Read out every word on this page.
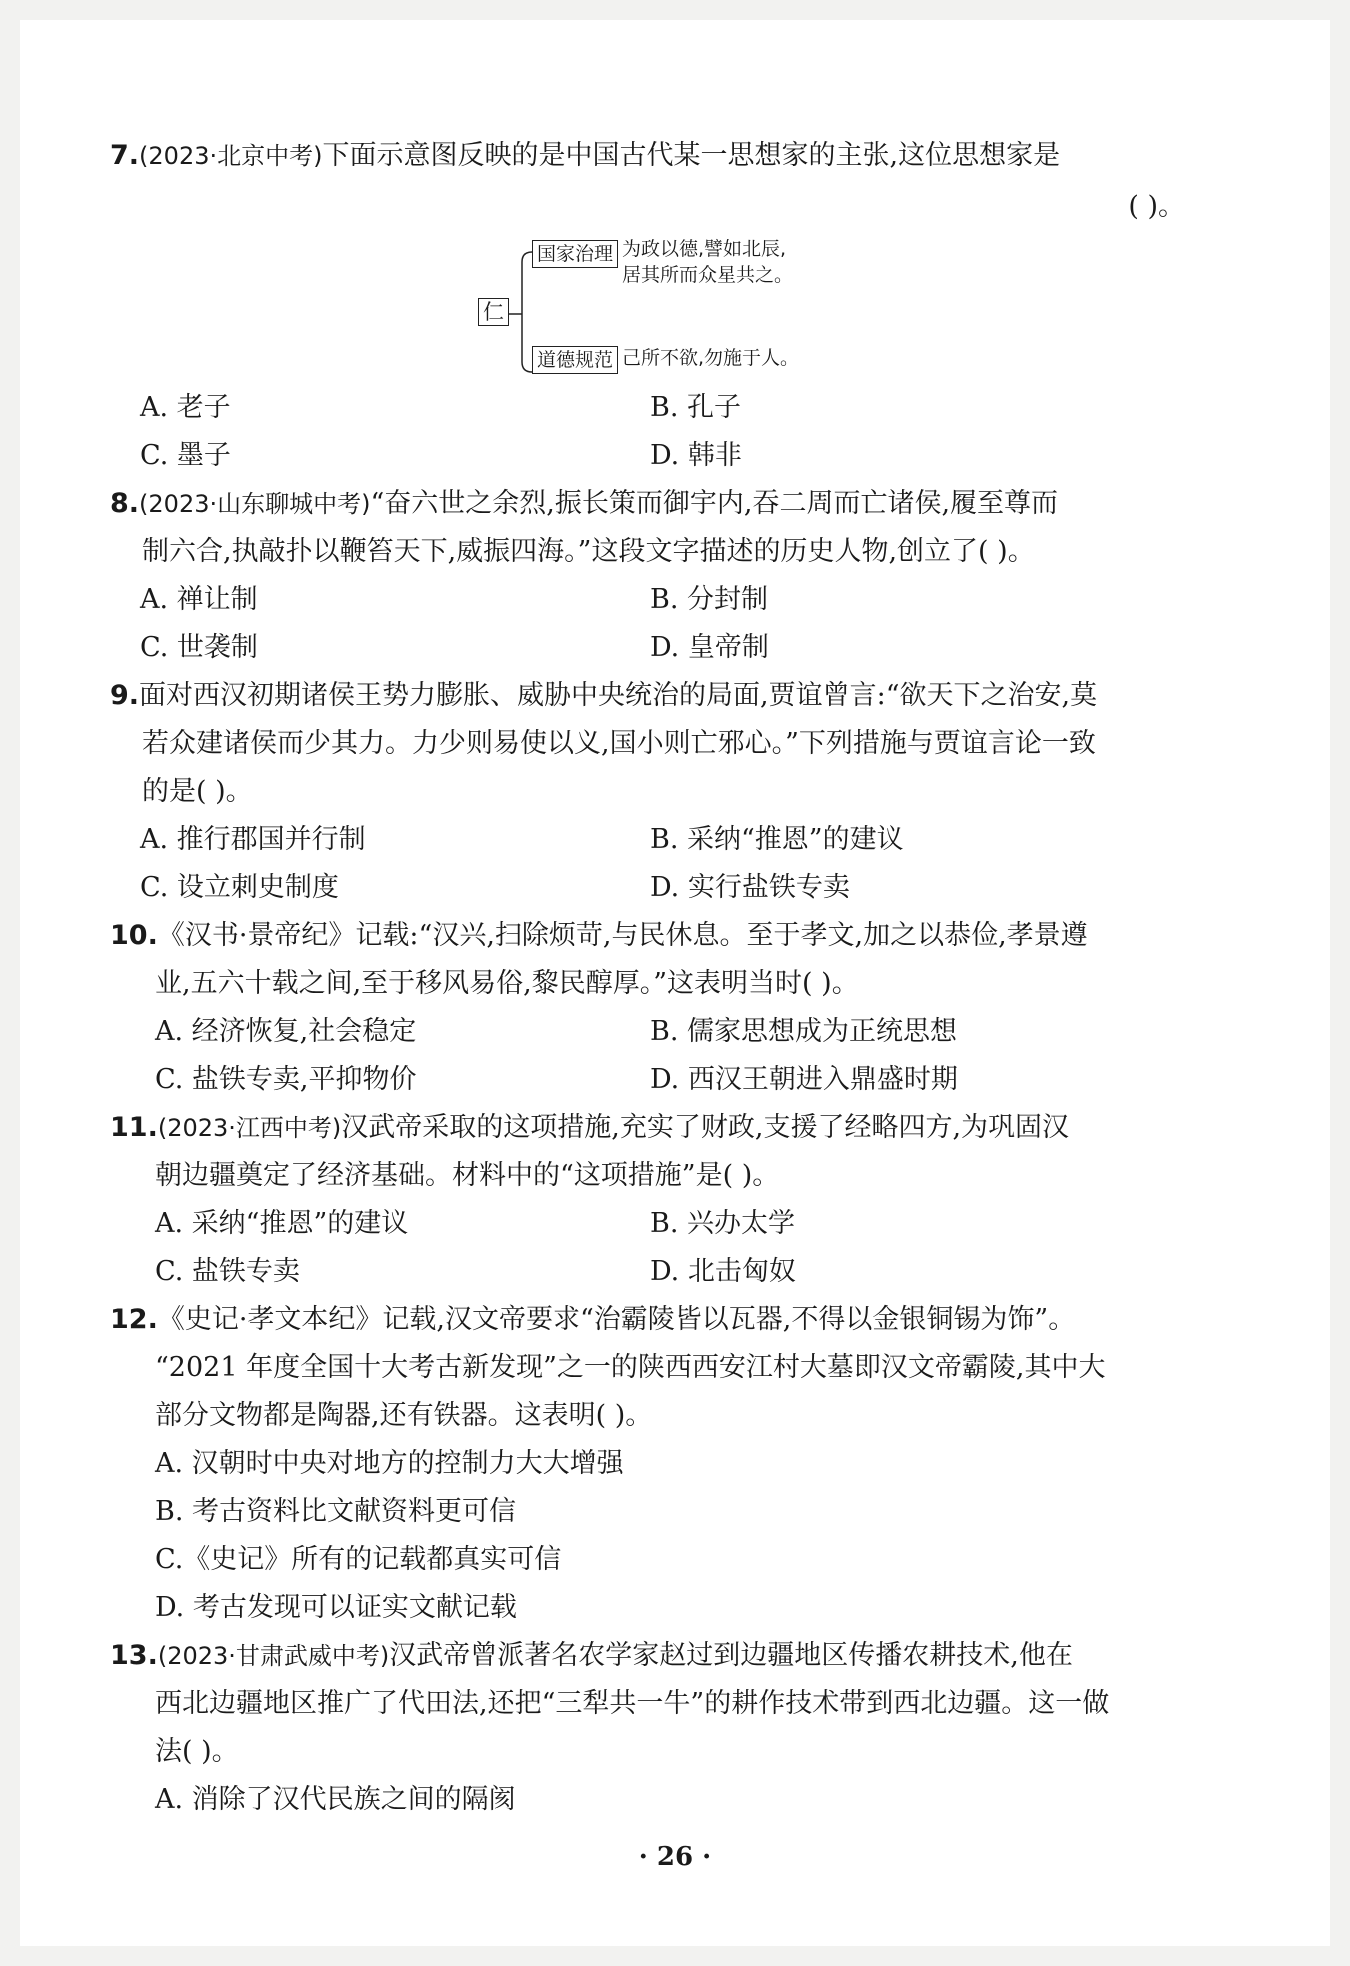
7.(2023·北京中考)下面示意图反映的是中国古代某一思想家的主张,这位思想家是
( )。
仁
国家治理 为政以德,譬如北辰,
居其所而众星共之。
道德规范 己所不欲,勿施于人。
A. 老子	B. 孔子
C. 墨子	D. 韩非
8.(2023·山东聊城中考)“奋六世之余烈,振长策而御宇内,吞二周而亡诸侯,履至尊而
制六合,执敲扑以鞭笞天下,威振四海。”这段文字描述的历史人物,创立了( )。
A. 禅让制	B. 分封制
C. 世袭制	D. 皇帝制
9.面对西汉初期诸侯王势力膨胀、威胁中央统治的局面,贾谊曾言:“欲天下之治安,莫
若众建诸侯而少其力。力少则易使以义,国小则亡邪心。”下列措施与贾谊言论一致
的是( )。
A. 推行郡国并行制	B. 采纳“推恩”的建议
C. 设立刺史制度	D. 实行盐铁专卖
10.《汉书·景帝纪》记载:“汉兴,扫除烦苛,与民休息。至于孝文,加之以恭俭,孝景遵
业,五六十载之间,至于移风易俗,黎民醇厚。”这表明当时( )。
A. 经济恢复,社会稳定	B. 儒家思想成为正统思想
C. 盐铁专卖,平抑物价	D. 西汉王朝进入鼎盛时期
11.(2023·江西中考)汉武帝采取的这项措施,充实了财政,支援了经略四方,为巩固汉
朝边疆奠定了经济基础。材料中的“这项措施”是( )。
A. 采纳“推恩”的建议	B. 兴办太学
C. 盐铁专卖	D. 北击匈奴
12.《史记·孝文本纪》记载,汉文帝要求“治霸陵皆以瓦器,不得以金银铜锡为饰”。
“2021 年度全国十大考古新发现”之一的陕西西安江村大墓即汉文帝霸陵,其中大
部分文物都是陶器,还有铁器。这表明( )。
A. 汉朝时中央对地方的控制力大大增强
B. 考古资料比文献资料更可信
C.《史记》所有的记载都真实可信
D. 考古发现可以证实文献记载
13.(2023·甘肃武威中考)汉武帝曾派著名农学家赵过到边疆地区传播农耕技术,他在
西北边疆地区推广了代田法,还把“三犁共一牛”的耕作技术带到西北边疆。这一做
法( )。
A. 消除了汉代民族之间的隔阂
· 26 ·
